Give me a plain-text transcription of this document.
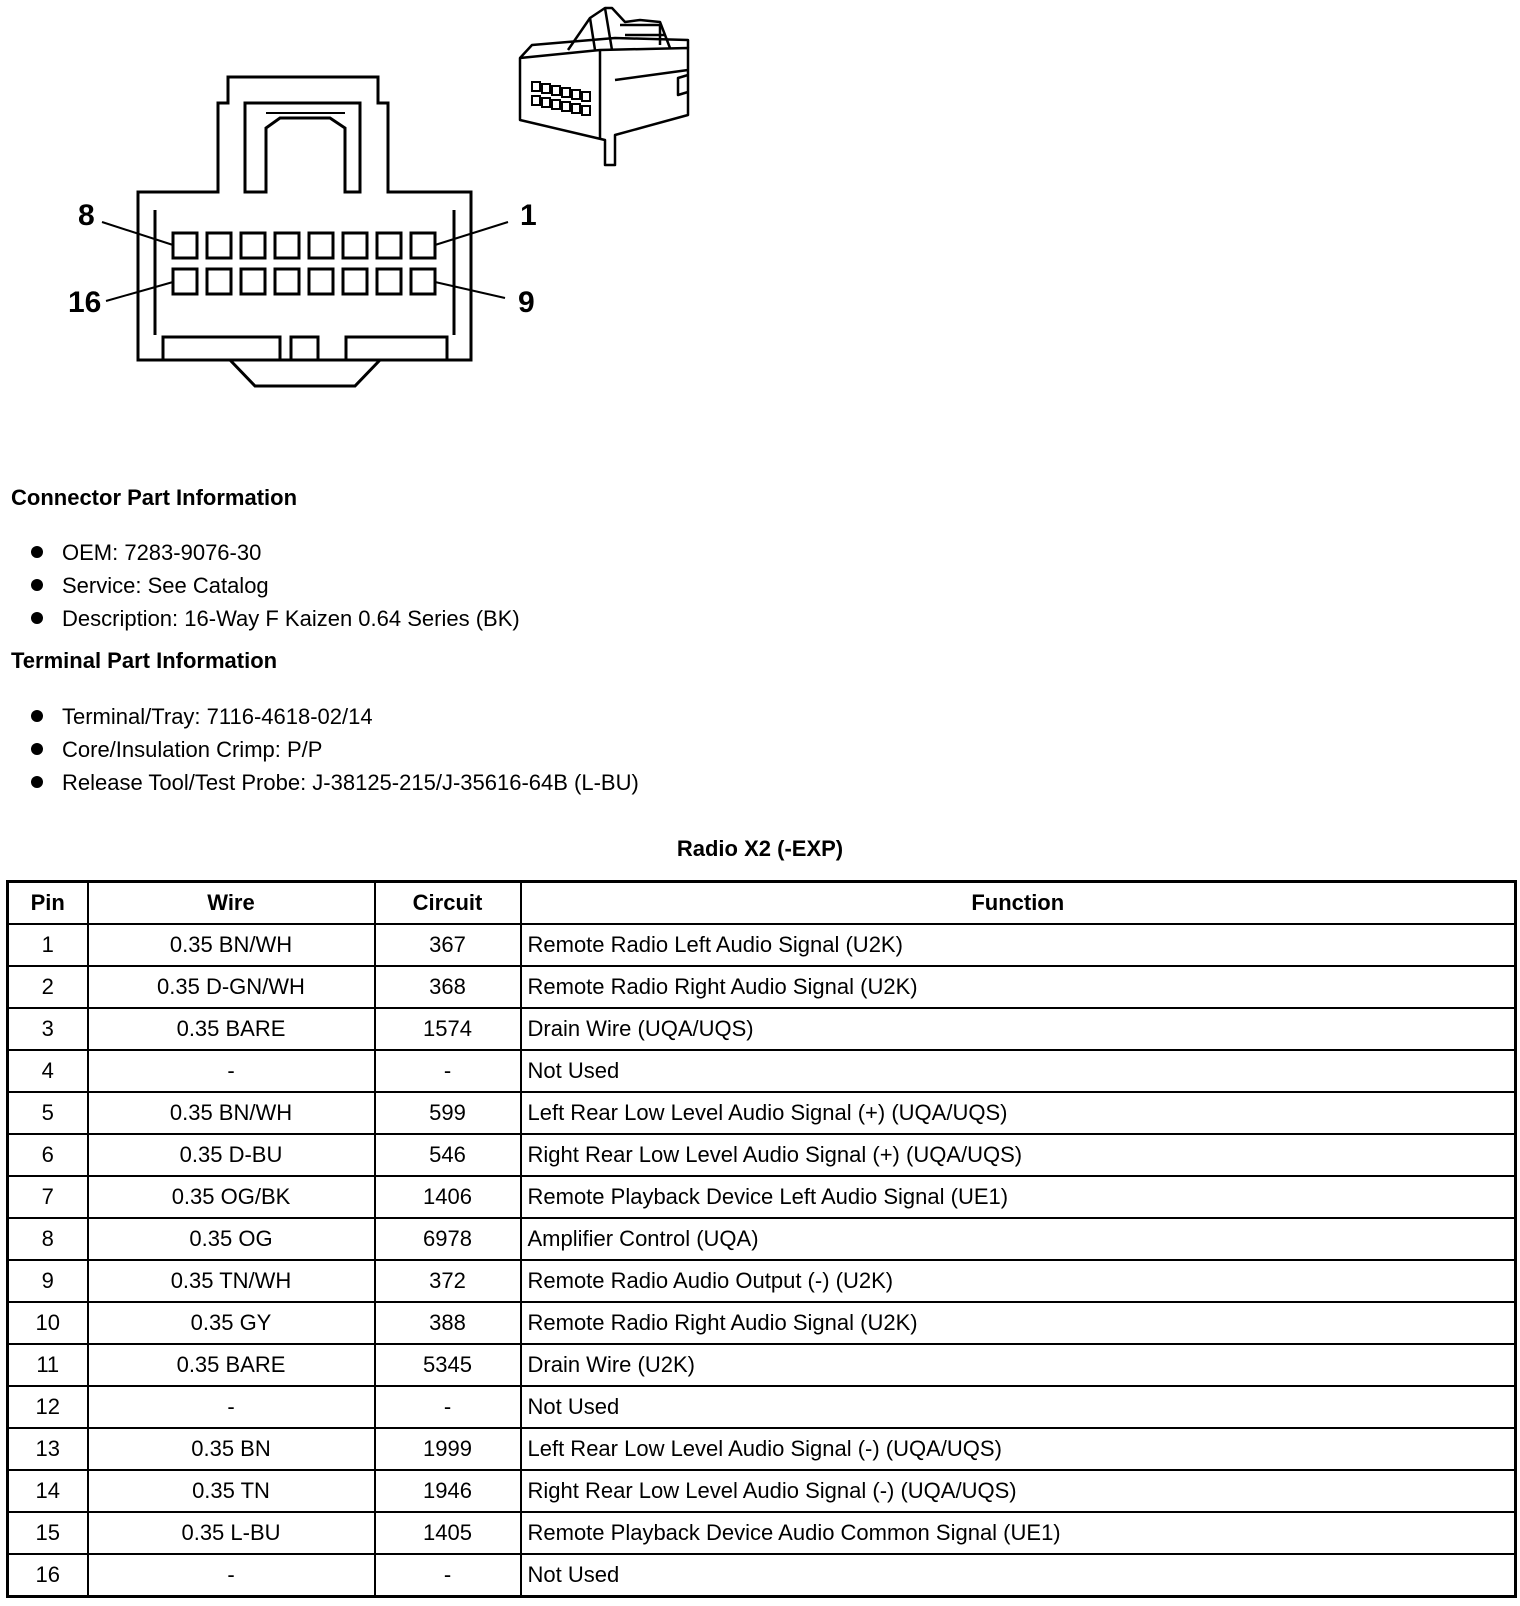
8	1
16	9
Connector Part Information
OEM: 7283-9076-30
Service: See Catalog
Description: 16-Way F Kaizen 0.64 Series (BK)
Terminal Part Information
Terminal/Tray: 7116-4618-02/14
Core/Insulation Crimp: P/P
Release Tool/Test Probe: J-38125-215/J-35616-64B (L-BU)
Radio X2 (-EXP)
Pin	Wire	Circuit	Function
1	0.35 BN/WH	367	Remote Radio Left Audio Signal (U2K)
2	0.35 D-GN/WH	368	Remote Radio Right Audio Signal (U2K)
3	0.35 BARE	1574	Drain Wire (UQA/UQS)
4	-	-	Not Used
5	0.35 BN/WH	599	Left Rear Low Level Audio Signal (+) (UQA/UQS)
6	0.35 D-BU	546	Right Rear Low Level Audio Signal (+) (UQA/UQS)
7	0.35 OG/BK	1406	Remote Playback Device Left Audio Signal (UE1)
8	0.35 OG	6978	Amplifier Control (UQA)
9	0.35 TN/WH	372	Remote Radio Audio Output (-) (U2K)
10	0.35 GY	388	Remote Radio Right Audio Signal (U2K)
11	0.35 BARE	5345	Drain Wire (U2K)
12	-	-	Not Used
13	0.35 BN	1999	Left Rear Low Level Audio Signal (-) (UQA/UQS)
14	0.35 TN	1946	Right Rear Low Level Audio Signal (-) (UQA/UQS)
15	0.35 L-BU	1405	Remote Playback Device Audio Common Signal (UE1)
16	-	-	Not Used
